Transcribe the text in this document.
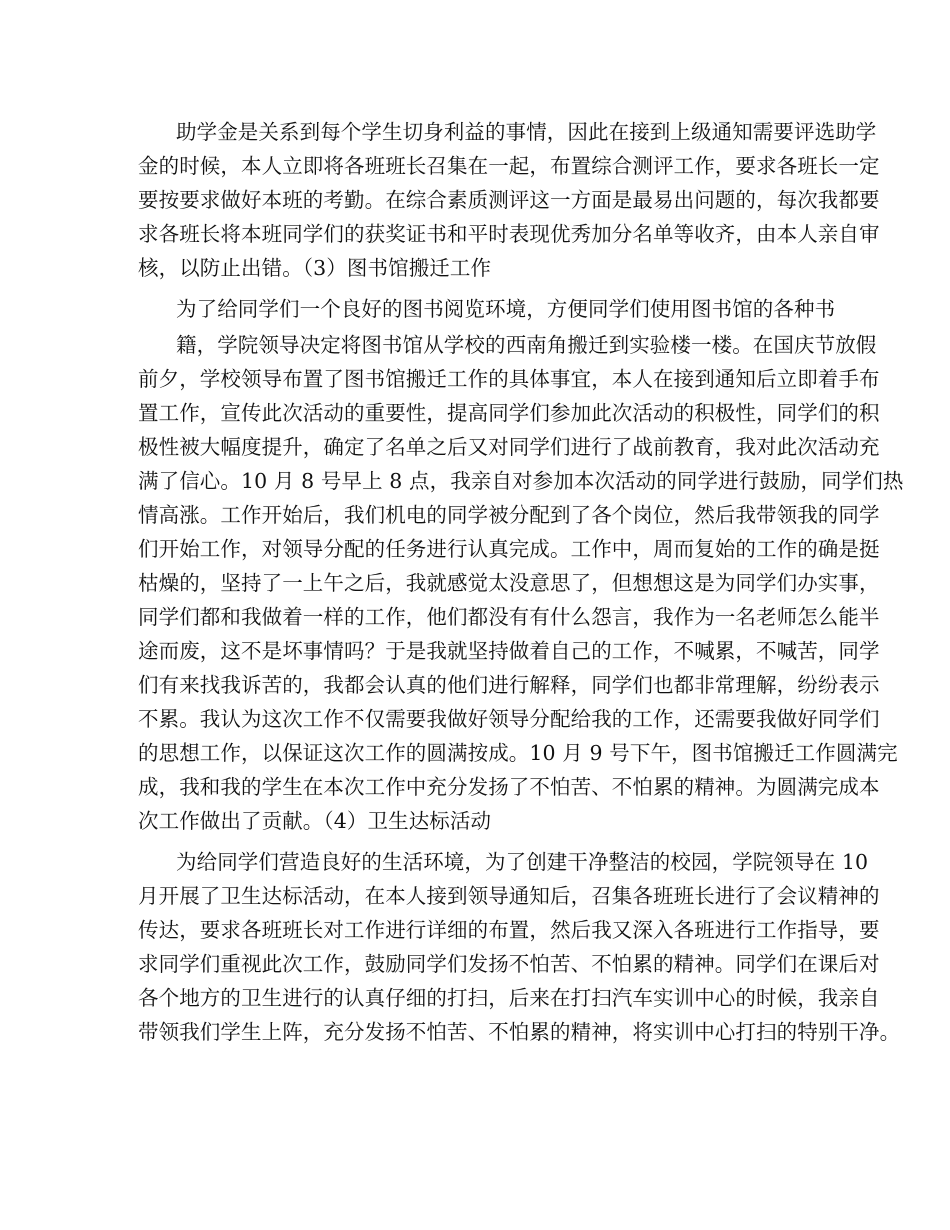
助学金是关系到每个学生切身利益的事情，因此在接到上级通知需要评选助学
金的时候，本人立即将各班班长召集在一起，布置综合测评工作，要求各班长一定
要按要求做好本班的考勤。在综合素质测评这一方面是最易出问题的，每次我都要
求各班长将本班同学们的获奖证书和平时表现优秀加分名单等收齐，由本人亲自审
核，以防止出错。（3）图书馆搬迁工作
为了给同学们一个良好的图书阅览环境，方便同学们使用图书馆的各种书
籍，学院领导决定将图书馆从学校的西南角搬迁到实验楼一楼。在国庆节放假
前夕，学校领导布置了图书馆搬迁工作的具体事宜，本人在接到通知后立即着手布
置工作，宣传此次活动的重要性，提高同学们参加此次活动的积极性，同学们的积
极性被大幅度提升，确定了名单之后又对同学们进行了战前教育，我对此次活动充
满了信心。10 月 8 号早上 8 点，我亲自对参加本次活动的同学进行鼓励，同学们热
情高涨。工作开始后，我们机电的同学被分配到了各个岗位，然后我带领我的同学
们开始工作，对领导分配的任务进行认真完成。工作中，周而复始的工作的确是挺
枯燥的，坚持了一上午之后，我就感觉太没意思了，但想想这是为同学们办实事，
同学们都和我做着一样的工作，他们都没有有什么怨言，我作为一名老师怎么能半
途而废，这不是坏事情吗？于是我就坚持做着自己的工作，不喊累，不喊苦，同学
们有来找我诉苦的，我都会认真的他们进行解释，同学们也都非常理解，纷纷表示
不累。我认为这次工作不仅需要我做好领导分配给我的工作，还需要我做好同学们
的思想工作，以保证这次工作的圆满按成。10 月 9 号下午，图书馆搬迁工作圆满完
成，我和我的学生在本次工作中充分发扬了不怕苦、不怕累的精神。为圆满完成本
次工作做出了贡献。（4）卫生达标活动
为给同学们营造良好的生活环境，为了创建干净整洁的校园，学院领导在 10
月开展了卫生达标活动，在本人接到领导通知后，召集各班班长进行了会议精神的
传达，要求各班班长对工作进行详细的布置，然后我又深入各班进行工作指导，要
求同学们重视此次工作，鼓励同学们发扬不怕苦、不怕累的精神。同学们在课后对
各个地方的卫生进行的认真仔细的打扫，后来在打扫汽车实训中心的时候，我亲自
带领我们学生上阵，充分发扬不怕苦、不怕累的精神，将实训中心打扫的特别干净。
